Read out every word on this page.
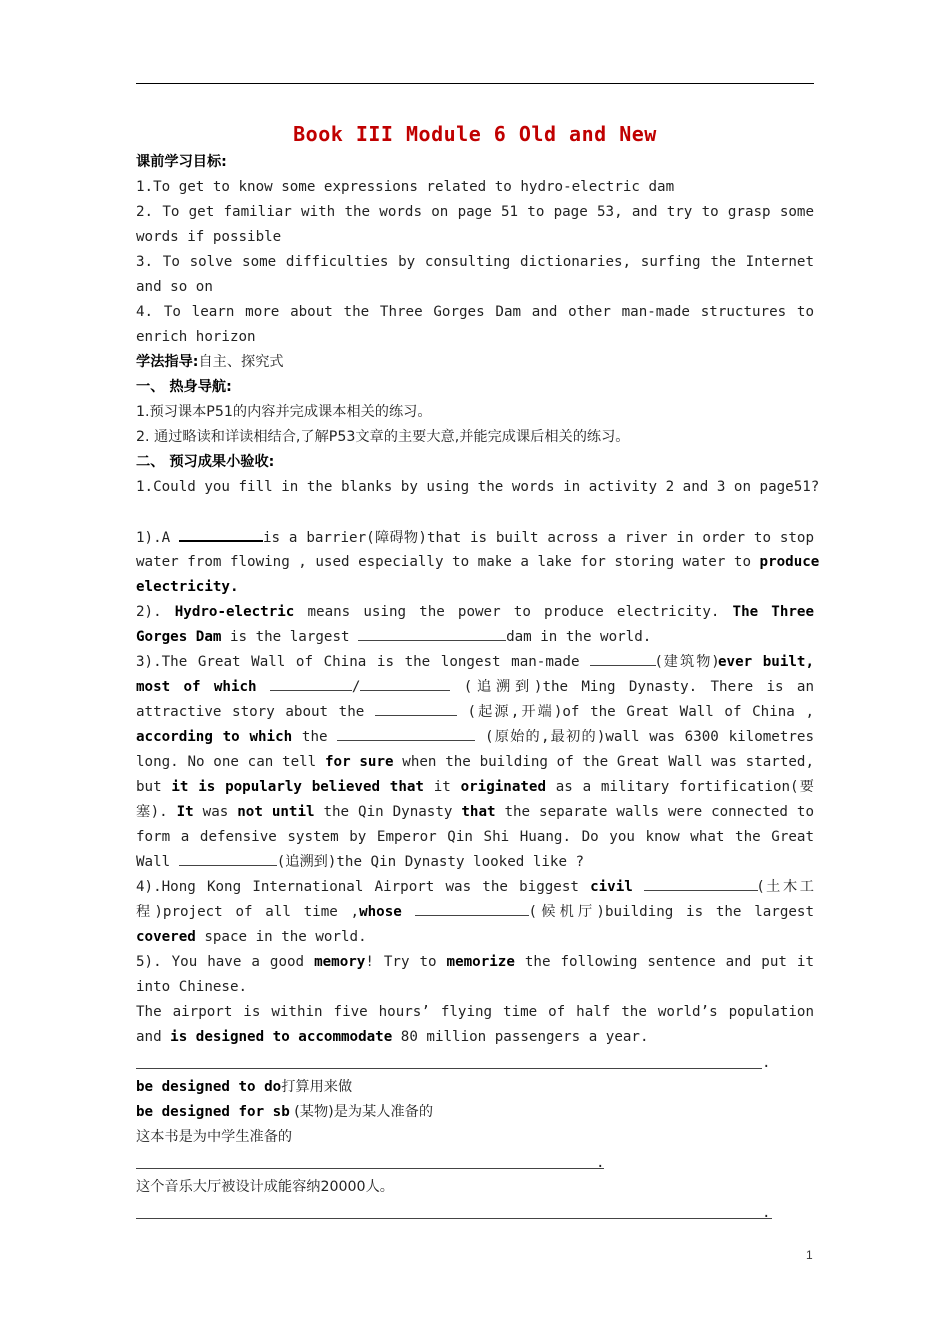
Book III Module 6 Old and New
课前学习目标:
1.To get to know some expressions related to hydro-electric dam
2. To get familiar with the words on page 51 to page 53, and try to grasp some
words if possible
3. To solve some difficulties by consulting dictionaries, surfing the Internet
and so on
4. To learn more about the Three Gorges Dam and other man-made structures to
enrich horizon
学法指导:自主、探究式
一、 热身导航:
1.预习课本P51的内容并完成课本相关的练习。
2. 通过略读和详读相结合,了解P53文章的主要大意,并能完成课后相关的练习。
二、 预习成果小验收:
1.Could you fill in the blanks by using the words in activity 2 and 3 on page51?
1).A	is a barrier(障碍物)that is built across a river in order to stop
water from flowing , used especially to make a lake for storing water to produce
electricity.
2). Hydro-electric means using the power to produce electricity. The Three
Gorges Dam is the largest	dam in the world.
3).The Great Wall of China is the longest man-made	(建筑物)ever built,
most of which	/	(追溯到)the Ming Dynasty. There is an
attractive story about the	(起源,开端)of the Great Wall of China ,
according to which the	(原始的,最初的)wall was 6300 kilometres
long. No one can tell for sure when the building of the Great Wall was started,
but it is popularly believed that it originated as a military fortification(要
塞). It was not until the Qin Dynasty that the separate walls were connected to
form a defensive system by Emperor Qin Shi Huang. Do you know what the Great
Wall	(追溯到)the Qin Dynasty looked like ?
4).Hong Kong International Airport was the biggest civil	(土木工
程)project of all time ,whose	(候机厅)building is the largest
covered space in the world.
5). You have a good memory! Try to memorize the following sentence and put it
into Chinese.
The airport is within five hours’ flying time of half the world’s population
and is designed to accommodate 80 million passengers a year.
.
be designed to do打算用来做
be designed for sb (某物)是为某人准备的
这本书是为中学生准备的
.
这个音乐大厅被设计成能容纳20000人。
.
1
